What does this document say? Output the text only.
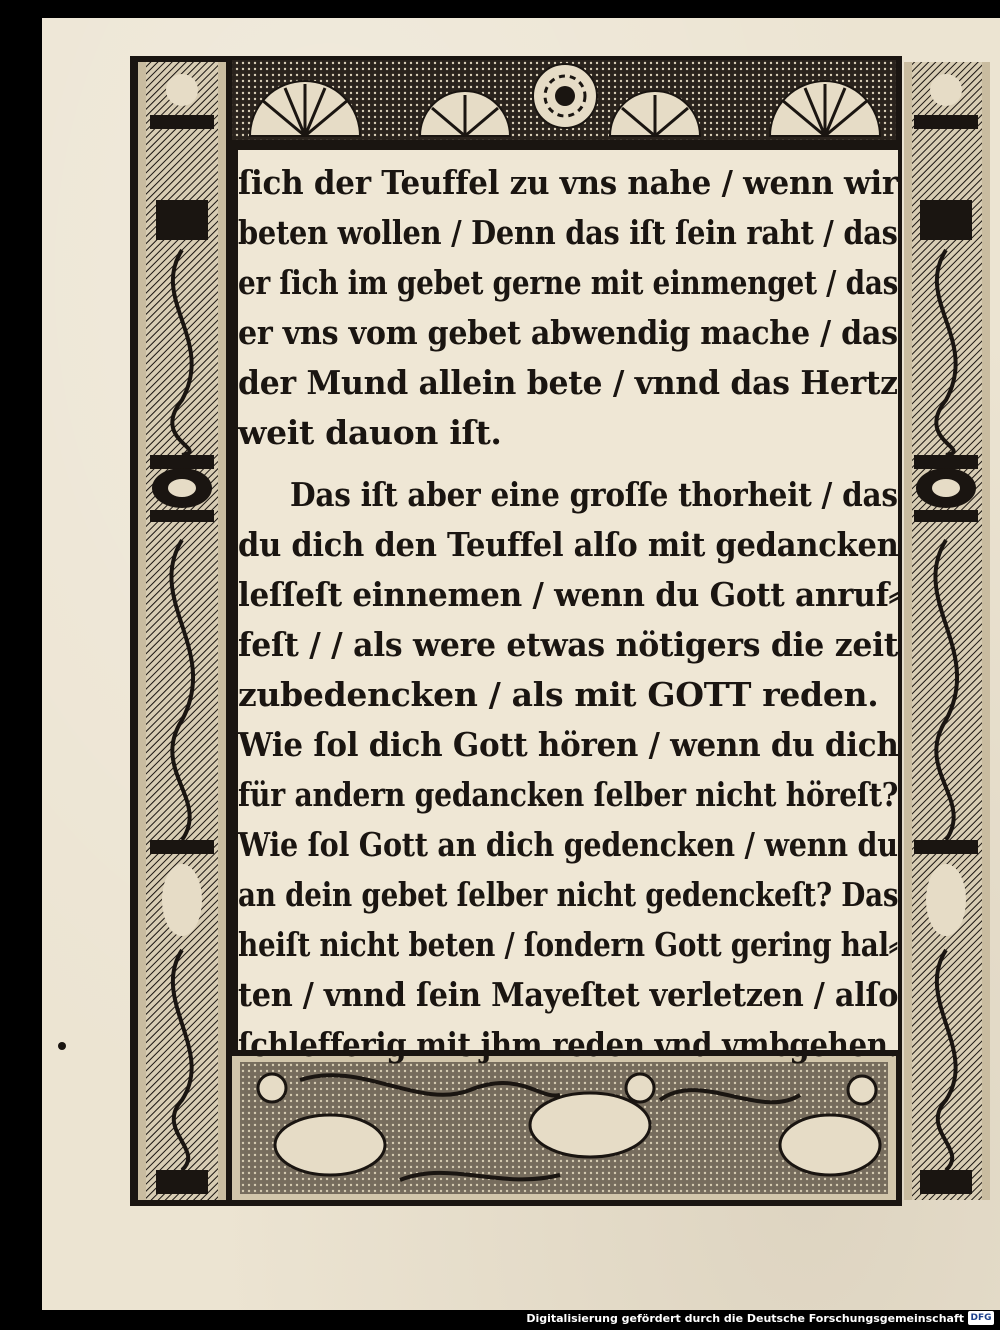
ſich der Teuffel zu vns nahe / wenn wir
beten wollen / Denn das iſt ſein raht / das
er ſich im gebet gerne mit einmenget / das
er vns vom gebet abwendig mache / das
der Mund allein bete / vnnd das Hertz
weit dauon iſt.
Das iſt aber eine groſſe thorheit / das
du dich den Teuffel alſo mit gedancken
leſſeſt einnemen / wenn du Gott anruf⸗
feſt / / als were etwas nötigers die zeit
zubedencken / als mit GOTT reden.
Wie ſol dich Gott hören / wenn du dich
für andern gedancken ſelber nicht höreſt?
Wie ſol Gott an dich gedencken / wenn du
an dein gebet ſelber nicht gedenckeſt? Das
heiſt nicht beten / ſondern Gott gering hal⸗
ten / vnnd ſein Mayeſtet verletzen / alſo
ſchlefferig mit jhm reden vnd vmbgehen.
Digitalisierung gefördert durch die Deutsche Forschungsgemeinschaft DFG
